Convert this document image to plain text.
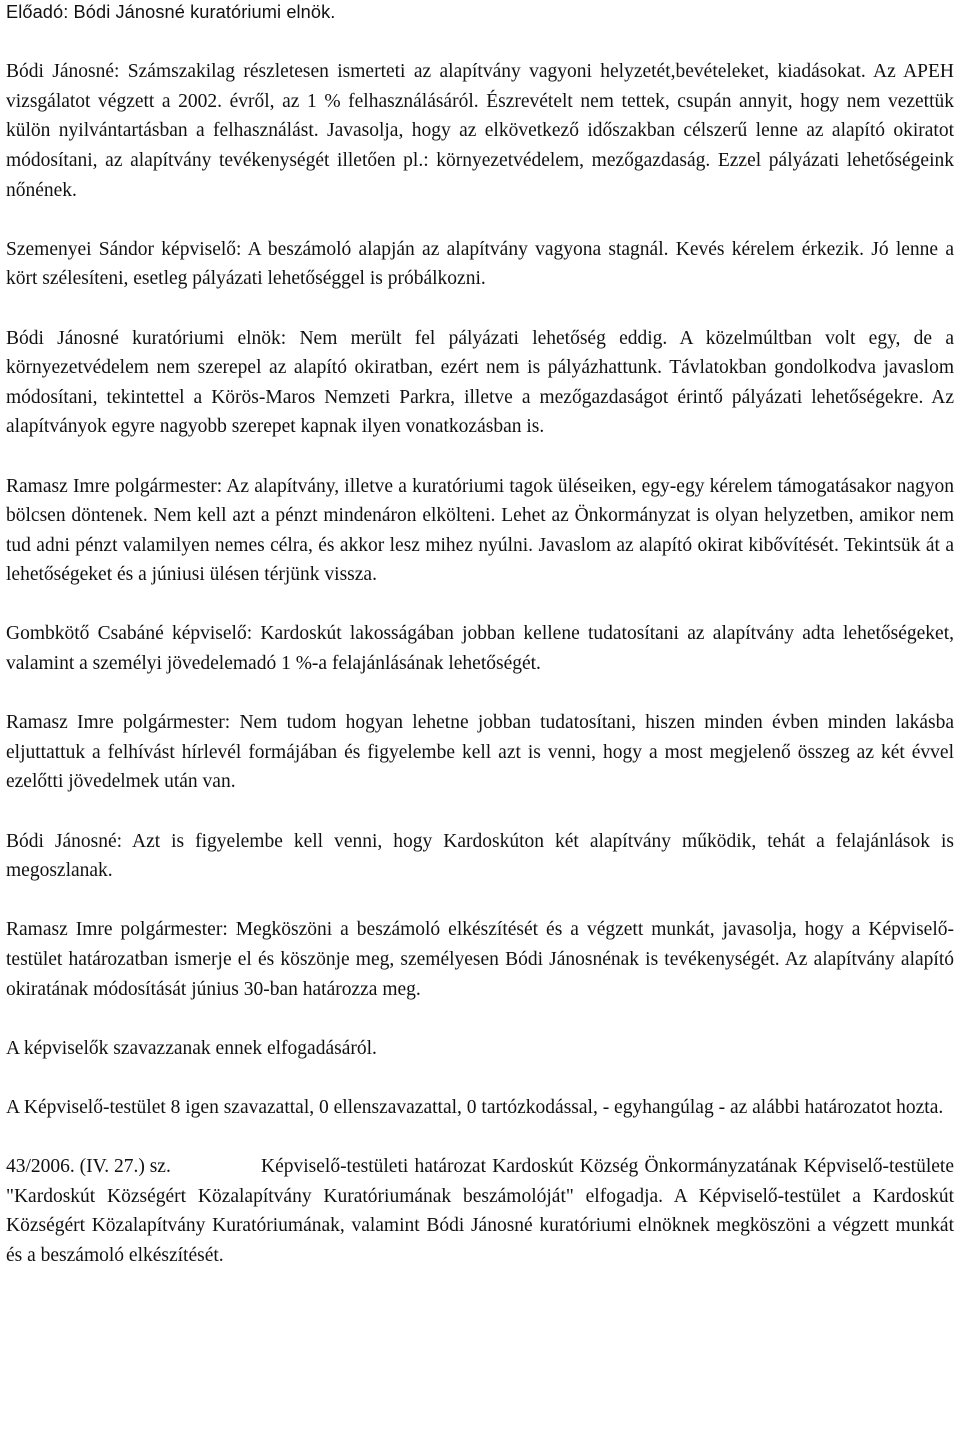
Előadó: Bódi Jánosné kuratóriumi elnök.

Bódi Jánosné: Számszakilag részletesen ismerteti az alapítvány vagyoni helyzetét,bevételeket, kiadásokat. Az APEH vizsgálatot végzett a 2002. évről, az 1 % felhasználásáról. Észrevételt nem tettek, csupán annyit, hogy nem vezettük külön nyilvántartásban a felhasználást. Javasolja, hogy az elkövetkező időszakban célszerű lenne az alapító okiratot módosítani, az alapítvány tevékenységét illetően pl.: környezetvédelem, mezőgazdaság. Ezzel pályázati lehetőségeink nőnének.

Szemenyei Sándor képviselő: A beszámoló alapján az alapítvány vagyona stagnál. Kevés kérelem érkezik. Jó lenne a kört szélesíteni, esetleg pályázati lehetőséggel is próbálkozni.

Bódi Jánosné kuratóriumi elnök: Nem merült fel pályázati lehetőség eddig. A közelmúltban volt egy, de a környezetvédelem nem szerepel az alapító okiratban, ezért nem is pályázhattunk. Távlatokban gondolkodva javaslom módosítani, tekintettel a Körös-Maros Nemzeti Parkra, illetve a mezőgazdaságot érintő pályázati lehetőségekre. Az alapítványok egyre nagyobb szerepet kapnak ilyen vonatkozásban is.

Ramasz Imre polgármester: Az alapítvány, illetve a kuratóriumi tagok üléseiken, egy-egy kérelem támogatásakor nagyon bölcsen döntenek. Nem kell azt a pénzt mindenáron elkölteni. Lehet az Önkormányzat is olyan helyzetben, amikor nem tud adni pénzt valamilyen nemes célra, és akkor lesz mihez nyúlni. Javaslom az alapító okirat kibővítését. Tekintsük át a lehetőségeket és a júniusi ülésen térjünk vissza.

Gombkötő Csabáné képviselő: Kardoskút lakosságában jobban kellene tudatosítani az alapítvány adta lehetőségeket, valamint a személyi jövedelemadó 1 %-a felajánlásának lehetőségét.

Ramasz Imre polgármester: Nem tudom hogyan lehetne jobban tudatosítani, hiszen minden évben minden lakásba eljuttattuk a felhívást hírlevél formájában és figyelembe kell azt is venni, hogy a most megjelenő összeg az két évvel ezelőtti jövedelmek után van.

Bódi Jánosné: Azt is figyelembe kell venni, hogy Kardoskúton két alapítvány működik, tehát a felajánlások is megoszlanak.

Ramasz Imre polgármester: Megköszöni a beszámoló elkészítését és a végzett munkát, javasolja, hogy a Képviselő-testület határozatban ismerje el és köszönje meg, személyesen Bódi Jánosnénak is tevékenységét. Az alapítvány alapító okiratának módosítását június 30-ban határozza meg.

A képviselők szavazzanak ennek elfogadásáról.

A Képviselő-testület 8 igen szavazattal, 0 ellenszavazattal, 0 tartózkodással, - egyhangúlag - az alábbi határozatot hozta.

43/2006. (IV. 27.) sz.	Képviselő-testületi határozat Kardoskút Község Önkormányzatának Képviselő-testülete "Kardoskút Községért Közalapítvány Kuratóriumának beszámolóját" elfogadja. A Képviselő-testület a Kardoskút Községért Közalapítvány Kuratóriumának, valamint Bódi Jánosné kuratóriumi elnöknek megköszöni a végzett munkát és a beszámoló elkészítését.
